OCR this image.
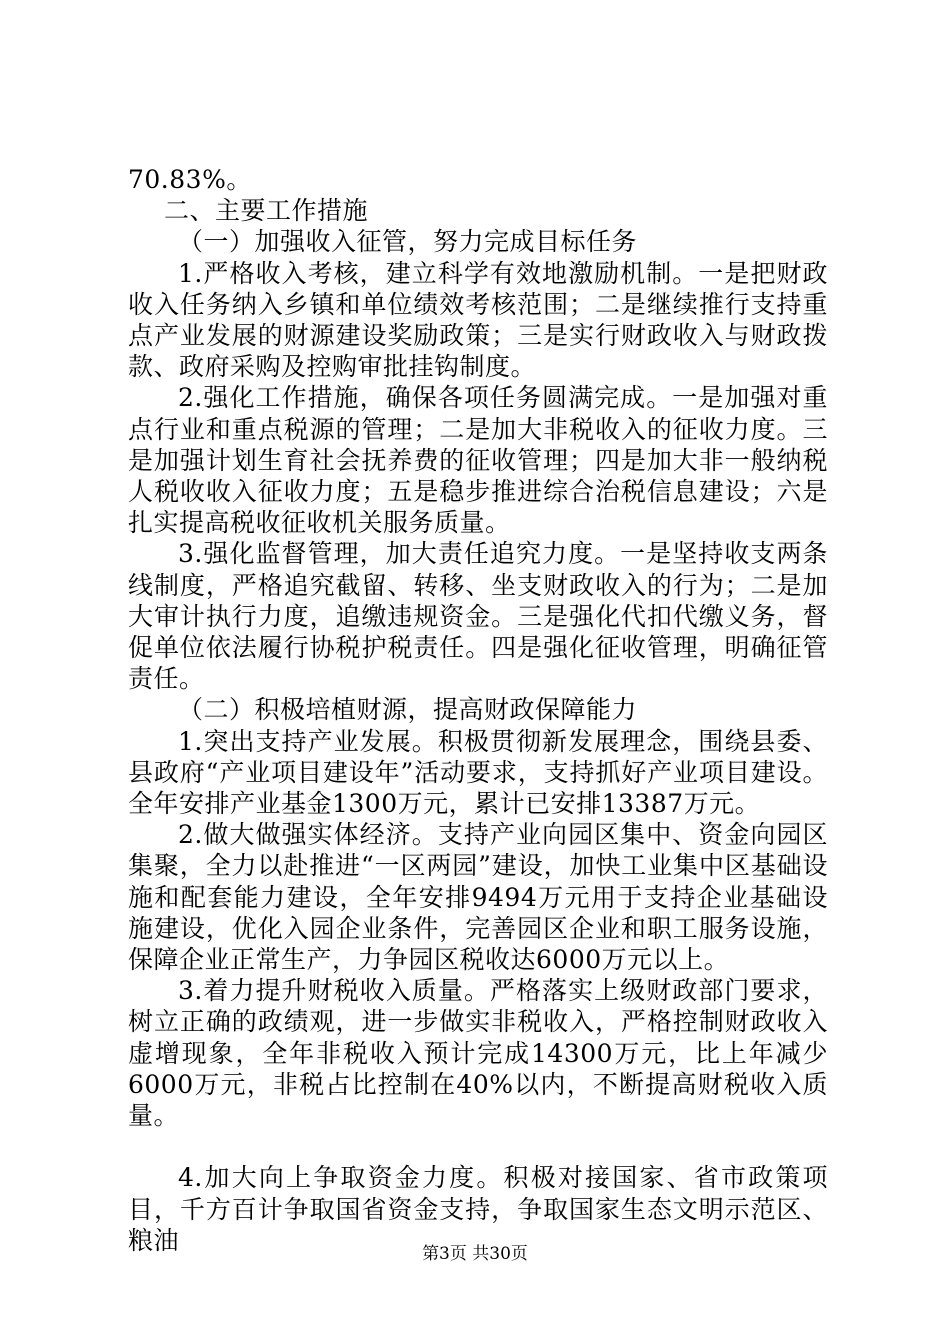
70.83%。

二、主要工作措施

（一）加强收入征管，努力完成目标任务

1.严格收入考核，建立科学有效地激励机制。一是把财政收入任务纳入乡镇和单位绩效考核范围；二是继续推行支持重点产业发展的财源建设奖励政策；三是实行财政收入与财政拨款、政府采购及控购审批挂钩制度。

2.强化工作措施，确保各项任务圆满完成。一是加强对重点行业和重点税源的管理；二是加大非税收入的征收力度。三是加强计划生育社会抚养费的征收管理；四是加大非一般纳税人税收收入征收力度；五是稳步推进综合治税信息建设；六是扎实提高税收征收机关服务质量。

3.强化监督管理，加大责任追究力度。一是坚持收支两条线制度，严格追究截留、转移、坐支财政收入的行为；二是加大审计执行力度，追缴违规资金。三是强化代扣代缴义务，督促单位依法履行协税护税责任。四是强化征收管理，明确征管责任。

（二）积极培植财源，提高财政保障能力

1.突出支持产业发展。积极贯彻新发展理念，围绕县委、县政府“产业项目建设年”活动要求，支持抓好产业项目建设。全年安排产业基金1300万元，累计已安排13387万元。

2.做大做强实体经济。支持产业向园区集中、资金向园区集聚，全力以赴推进“一区两园”建设，加快工业集中区基础设施和配套能力建设，全年安排9494万元用于支持企业基础设施建设，优化入园企业条件，完善园区企业和职工服务设施，保障企业正常生产，力争园区税收达6000万元以上。

3.着力提升财税收入质量。严格落实上级财政部门要求，树立正确的政绩观，进一步做实非税收入，严格控制财政收入虚增现象，全年非税收入预计完成14300万元，比上年减少6000万元，非税占比控制在40%以内，不断提高财税收入质量。

4.加大向上争取资金力度。积极对接国家、省市政策项目，千方百计争取国省资金支持，争取国家生态文明示范区、粮油	第3页 共30页
